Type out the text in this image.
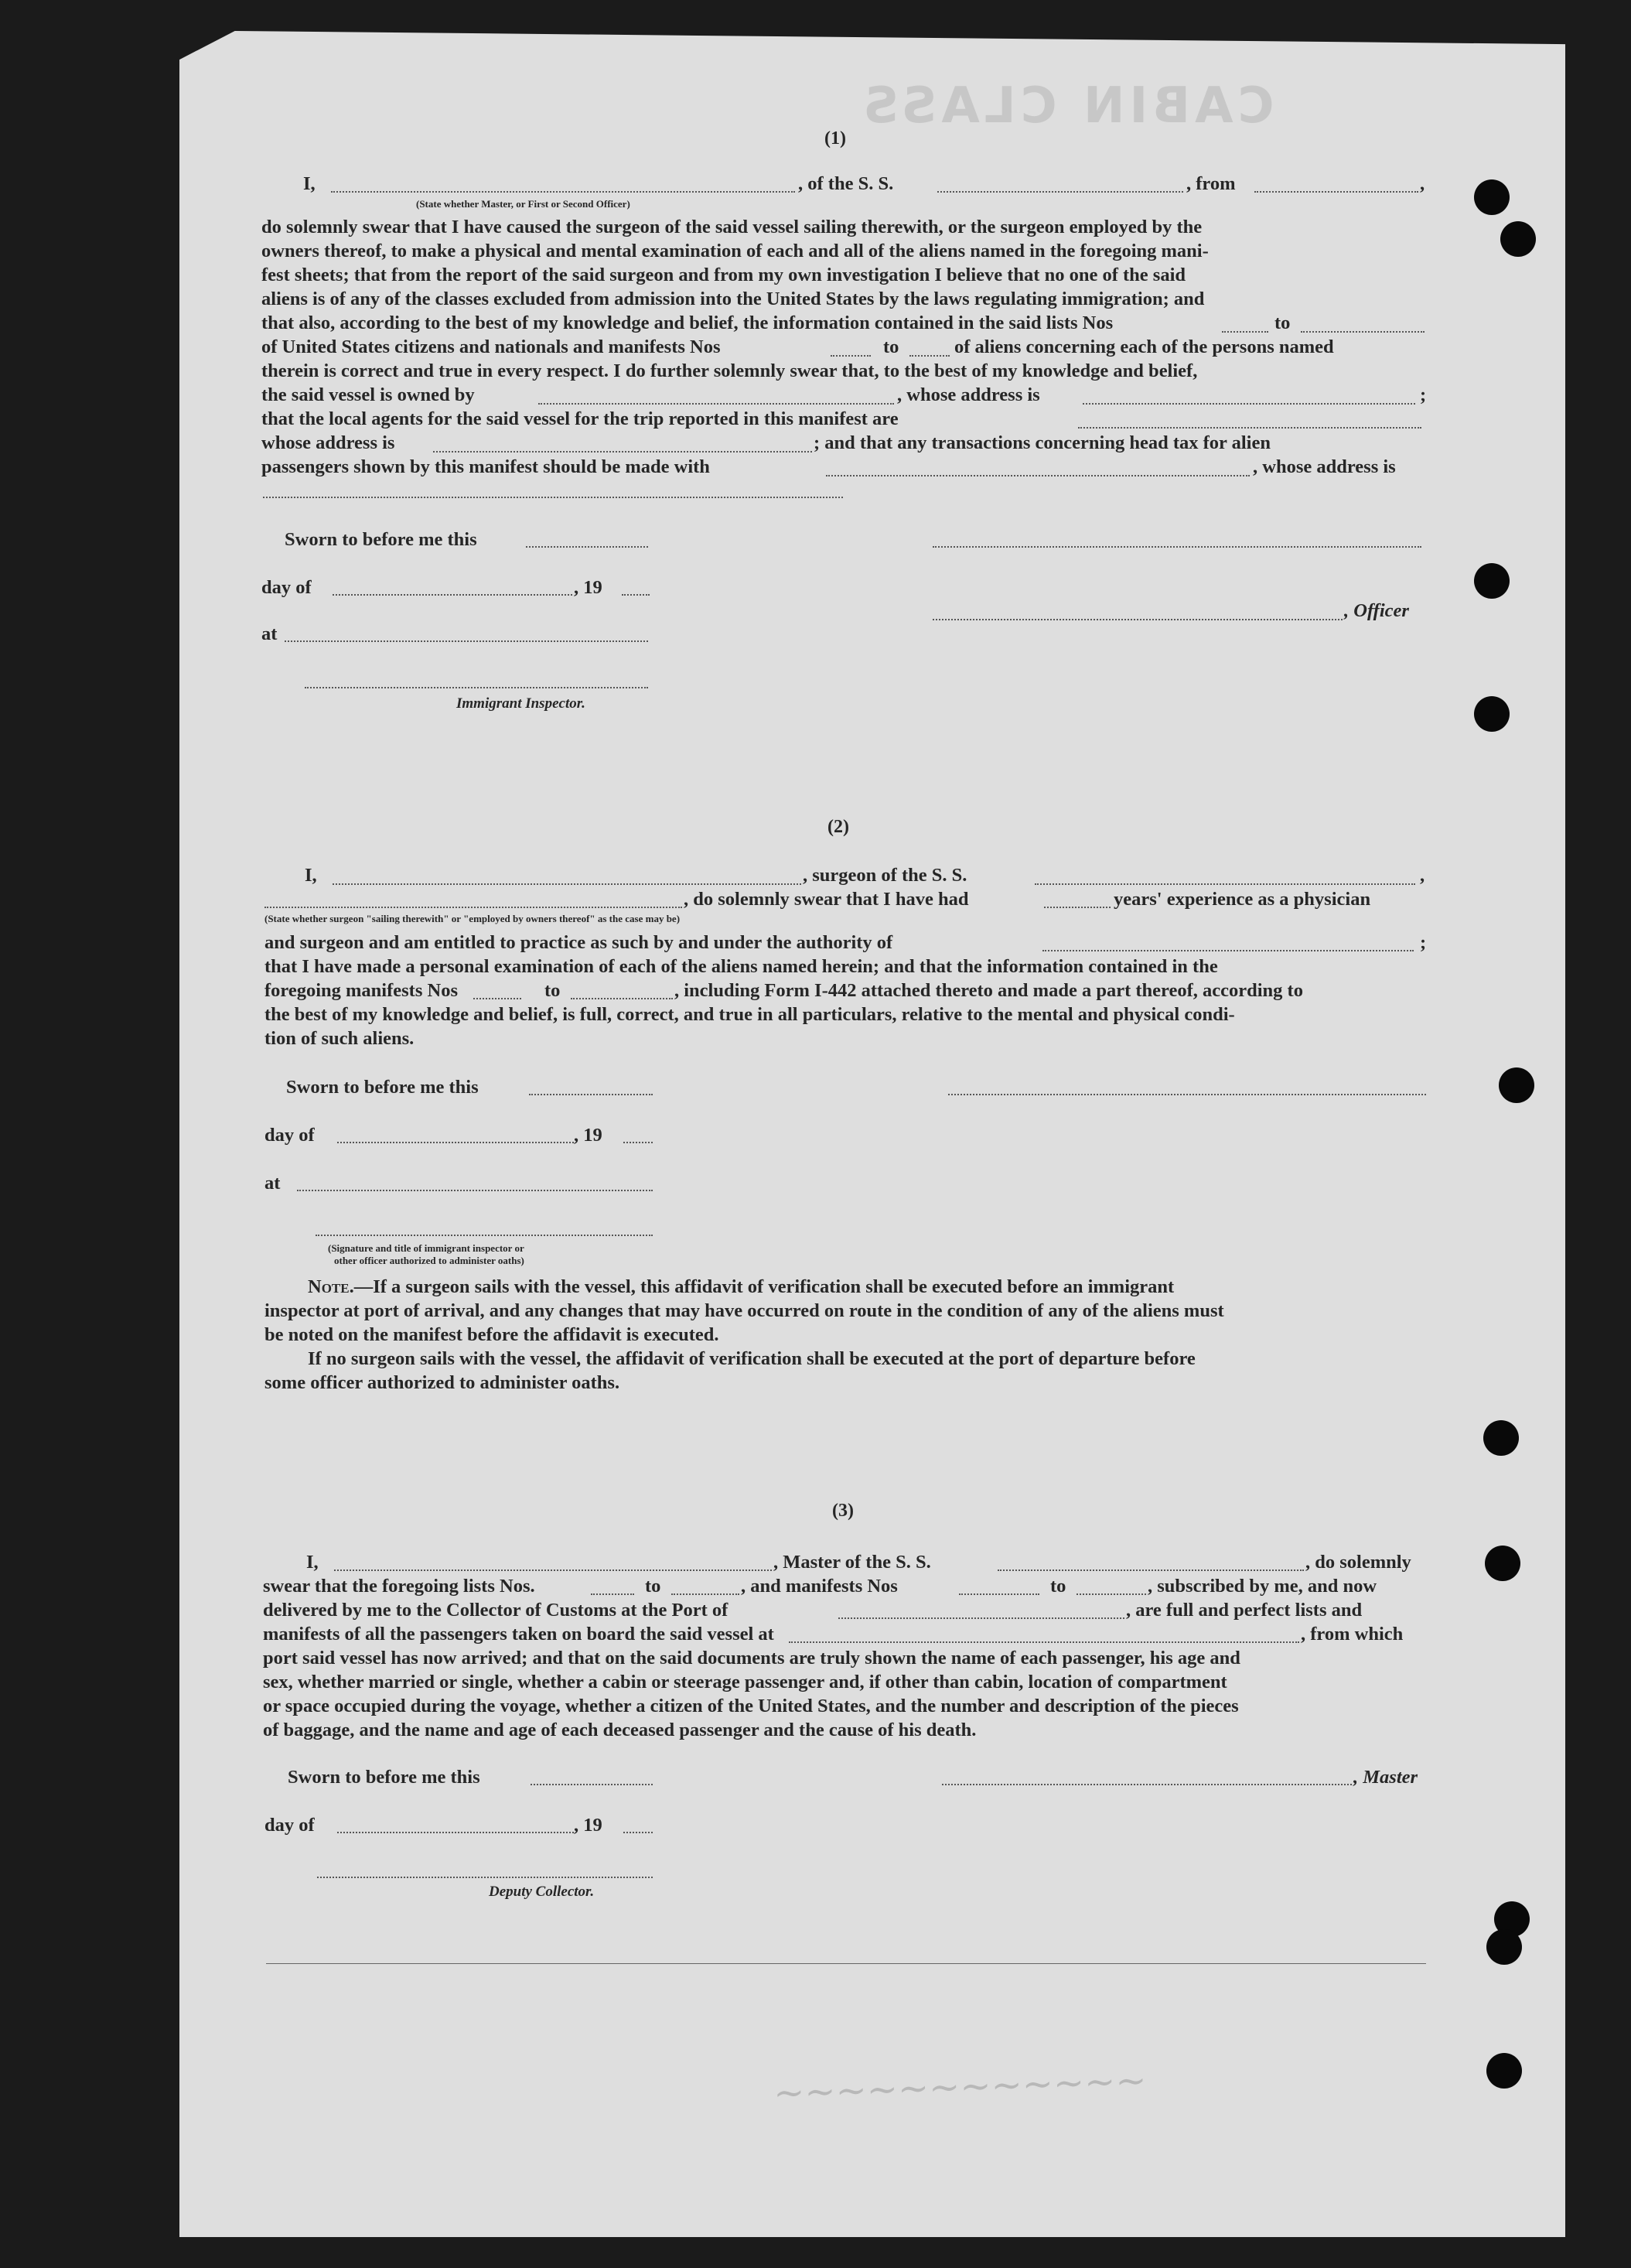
CABIN CLASS
(1)
I,	, of the S. S.	, from	,
(State whether Master, or First or Second Officer)
do solemnly swear that I have caused the surgeon of the said vessel sailing therewith, or the surgeon employed by the
owners thereof, to make a physical and mental examination of each and all of the aliens named in the foregoing mani-
fest sheets; that from the report of the said surgeon and from my own investigation I believe that no one of the said
aliens is of any of the classes excluded from admission into the United States by the laws regulating immigration; and
that also, according to the best of my knowledge and belief, the information contained in the said lists Nos	to
of United States citizens and nationals and manifests Nos	to	of aliens concerning each of the persons named
therein is correct and true in every respect. I do further solemnly swear that, to the best of my knowledge and belief,
the said vessel is owned by	, whose address is	;
that the local agents for the said vessel for the trip reported in this manifest are
whose address is	; and that any transactions concerning head tax for alien
passengers shown by this manifest should be made with	, whose address is
Sworn to before me this
day of	, 19
, Officer
at
Immigrant Inspector.
(2)
I,	, surgeon of the S. S.	,
, do solemnly swear that I have had	years' experience as a physician
(State whether surgeon "sailing therewith" or "employed by owners thereof" as the case may be)
and surgeon and am entitled to practice as such by and under the authority of	;
that I have made a personal examination of each of the aliens named herein; and that the information contained in the
foregoing manifests Nos	to	, including Form I-442 attached thereto and made a part thereof, according to
the best of my knowledge and belief, is full, correct, and true in all particulars, relative to the mental and physical condi-
tion of such aliens.
Sworn to before me this
day of	, 19
at
(Signature and title of immigrant inspector or
other officer authorized to administer oaths)
Note.—If a surgeon sails with the vessel, this affidavit of verification shall be executed before an immigrant
inspector at port of arrival, and any changes that may have occurred on route in the condition of any of the aliens must
be noted on the manifest before the affidavit is executed.
If no surgeon sails with the vessel, the affidavit of verification shall be executed at the port of departure before
some officer authorized to administer oaths.
(3)
I,	, Master of the S. S.	, do solemnly
swear that the foregoing lists Nos.	to	, and manifests Nos	to	, subscribed by me, and now
delivered by me to the Collector of Customs at the Port of	, are full and perfect lists and
manifests of all the passengers taken on board the said vessel at	, from which
port said vessel has now arrived; and that on the said documents are truly shown the name of each passenger, his age and
sex, whether married or single, whether a cabin or steerage passenger and, if other than cabin, location of compartment
or space occupied during the voyage, whether a citizen of the United States, and the number and description of the pieces
of baggage, and the name and age of each deceased passenger and the cause of his death.
Sworn to before me this	, Master
day of	, 19
Deputy Collector.
~~~~~~~~~~~~
